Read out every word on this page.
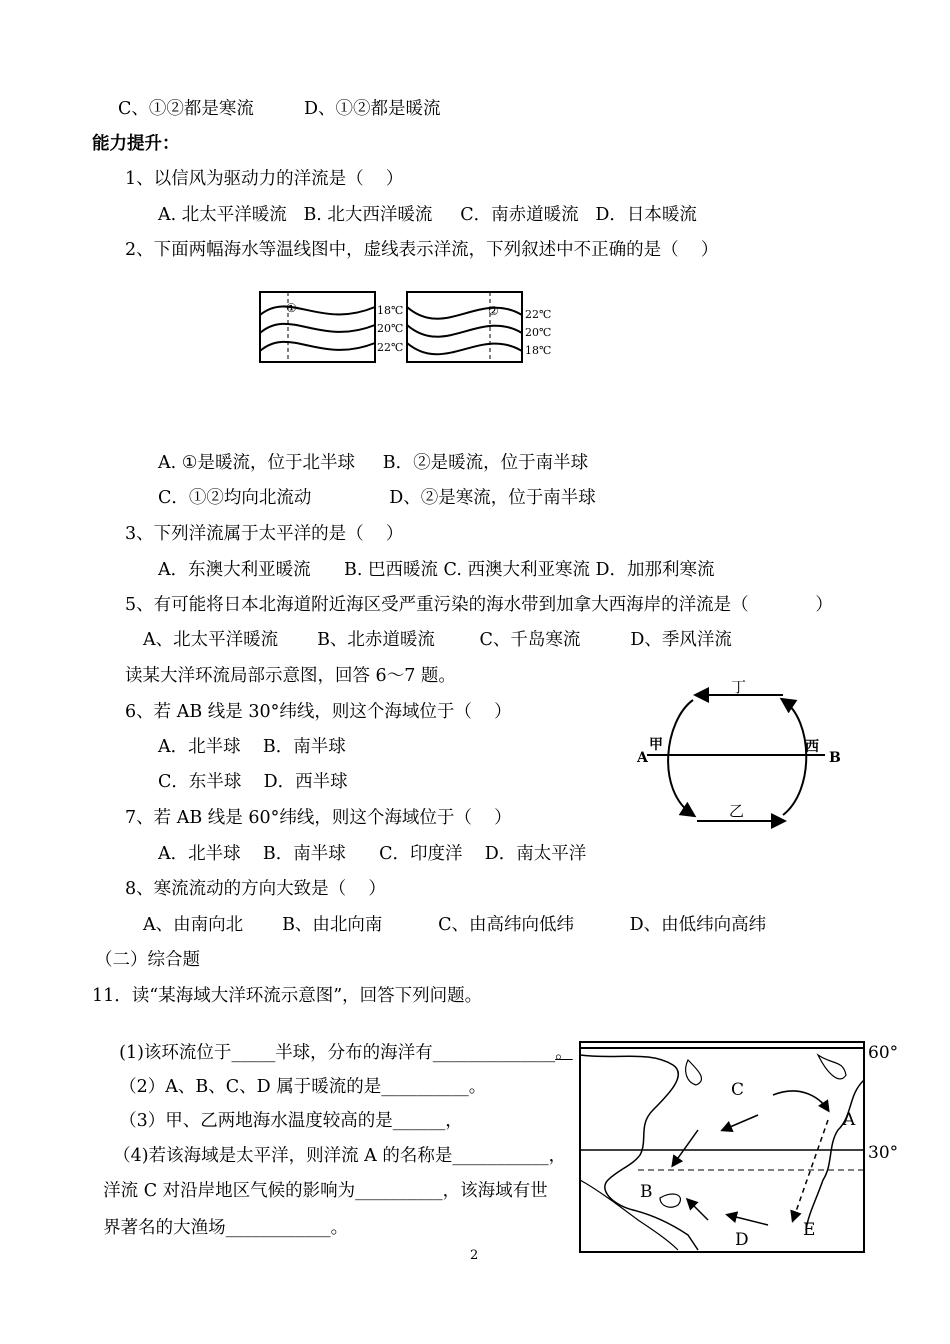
C、①②都是寒流         D、①②都是暖流
能力提升：
1、以信风为驱动力的洋流是（    ）
A. 北太平洋暖流   B. 北大西洋暖流     C．南赤道暖流   D．日本暖流
2、下面两幅海水等温线图中，虚线表示洋流，下列叙述中不正确的是（    ）
①	18℃
20℃
22℃
② 22℃
20℃
18℃
A. ①是暖流，位于北半球     B．②是暖流，位于南半球
C．①②均向北流动              D、②是寒流，位于南半球
3、下列洋流属于太平洋的是（    ）
A．东澳大利亚暖流      B. 巴西暖流 C. 西澳大利亚寒流 D．加那利寒流
5、有可能将日本北海道附近海区受严重污染的海水带到加拿大西海岸的洋流是（            ）
A、北太平洋暖流       B、北赤道暖流        C、千岛寒流         D、季风洋流
读某大洋环流局部示意图，回答 6～7 题。
6、若 AB 线是 30°纬线，则这个海域位于（    ）
A．北半球    B．南半球
C．东半球    D．西半球
7、若 AB 线是 60°纬线，则这个海域位于（    ）
A．北半球    B．南半球      C．印度洋    D．南太平洋
丁
乙
甲	西
A	B
8、寒流流动的方向大致是（    ）
A、由南向北       B、由北向南          C、由高纬向低纬          D、由低纬向高纬
（二）综合题
11．读“某海域大洋环流示意图”，回答下列问题。

(1)该环流位于_____半球，分布的海洋有______________。

（2）A、B、C、D 属于暖流的是__________。

（3）甲、乙两地海水温度较高的是______，

（4)若该海域是太平洋，则洋流 A 的名称是___________，

洋流 C 对沿岸地区气候的影响为__________，该海域有世

界著名的大渔场____________。

C
A
B
D	E
60°
30°
2
